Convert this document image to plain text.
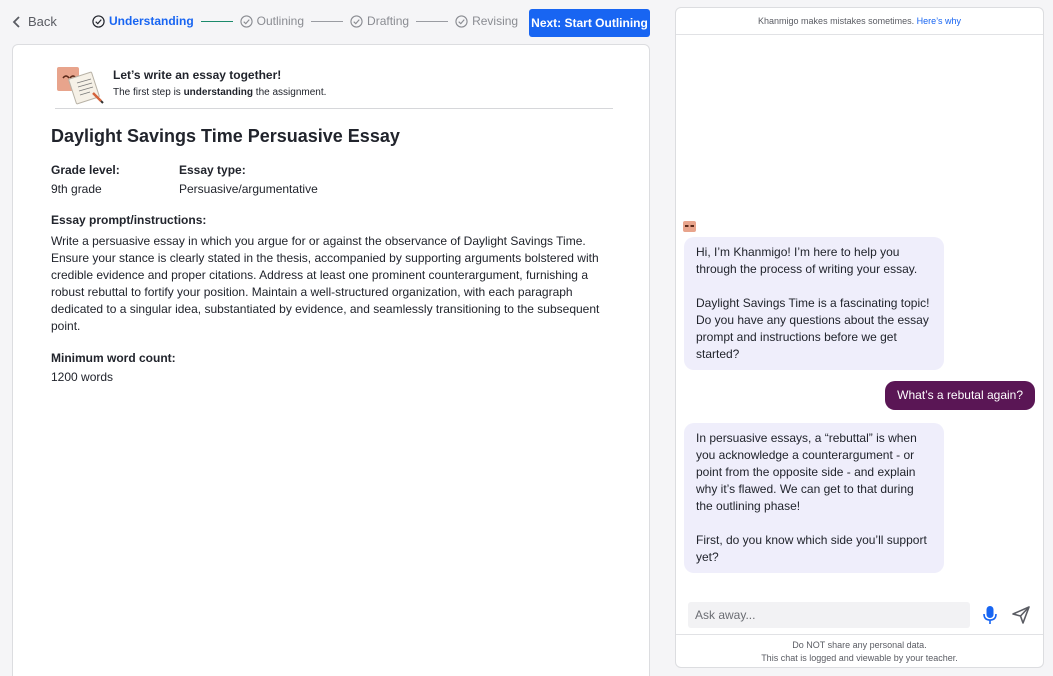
Back	Understanding	Outlining	Drafting	Revising Next: Start Outlining
Let’s write an essay together!
The first step is understanding the assignment.
Daylight Savings Time Persuasive Essay
Grade level:
9th grade
Essay type:
Persuasive/argumentative
Essay prompt/instructions:
Write a persuasive essay in which you argue for or against the observance of Daylight Savings Time. Ensure your stance is clearly stated in the thesis, accompanied by supporting arguments bolstered with credible evidence and proper citations. Address at least one prominent counterargument, furnishing a robust rebuttal to fortify your position. Maintain a well-structured organization, with each paragraph dedicated to a singular idea, substantiated by evidence, and seamlessly transitioning to the subsequent point.
Minimum word count:
1200 words
Khanmigo makes mistakes sometimes. Here’s why

Hi, I’m Khanmigo! I’m here to help you through the process of writing your essay.

Daylight Savings Time is a fascinating topic! Do you have any questions about the essay prompt and instructions before we get started?

What’s a rebutal again?

In persuasive essays, a “rebuttal” is when you acknowledge a counterargument - or point from the opposite side - and explain why it’s flawed. We can get to that during the outlining phase!

First, do you know which side you’ll support yet?

Ask away...
Do NOT share any personal data.
This chat is logged and viewable by your teacher.
